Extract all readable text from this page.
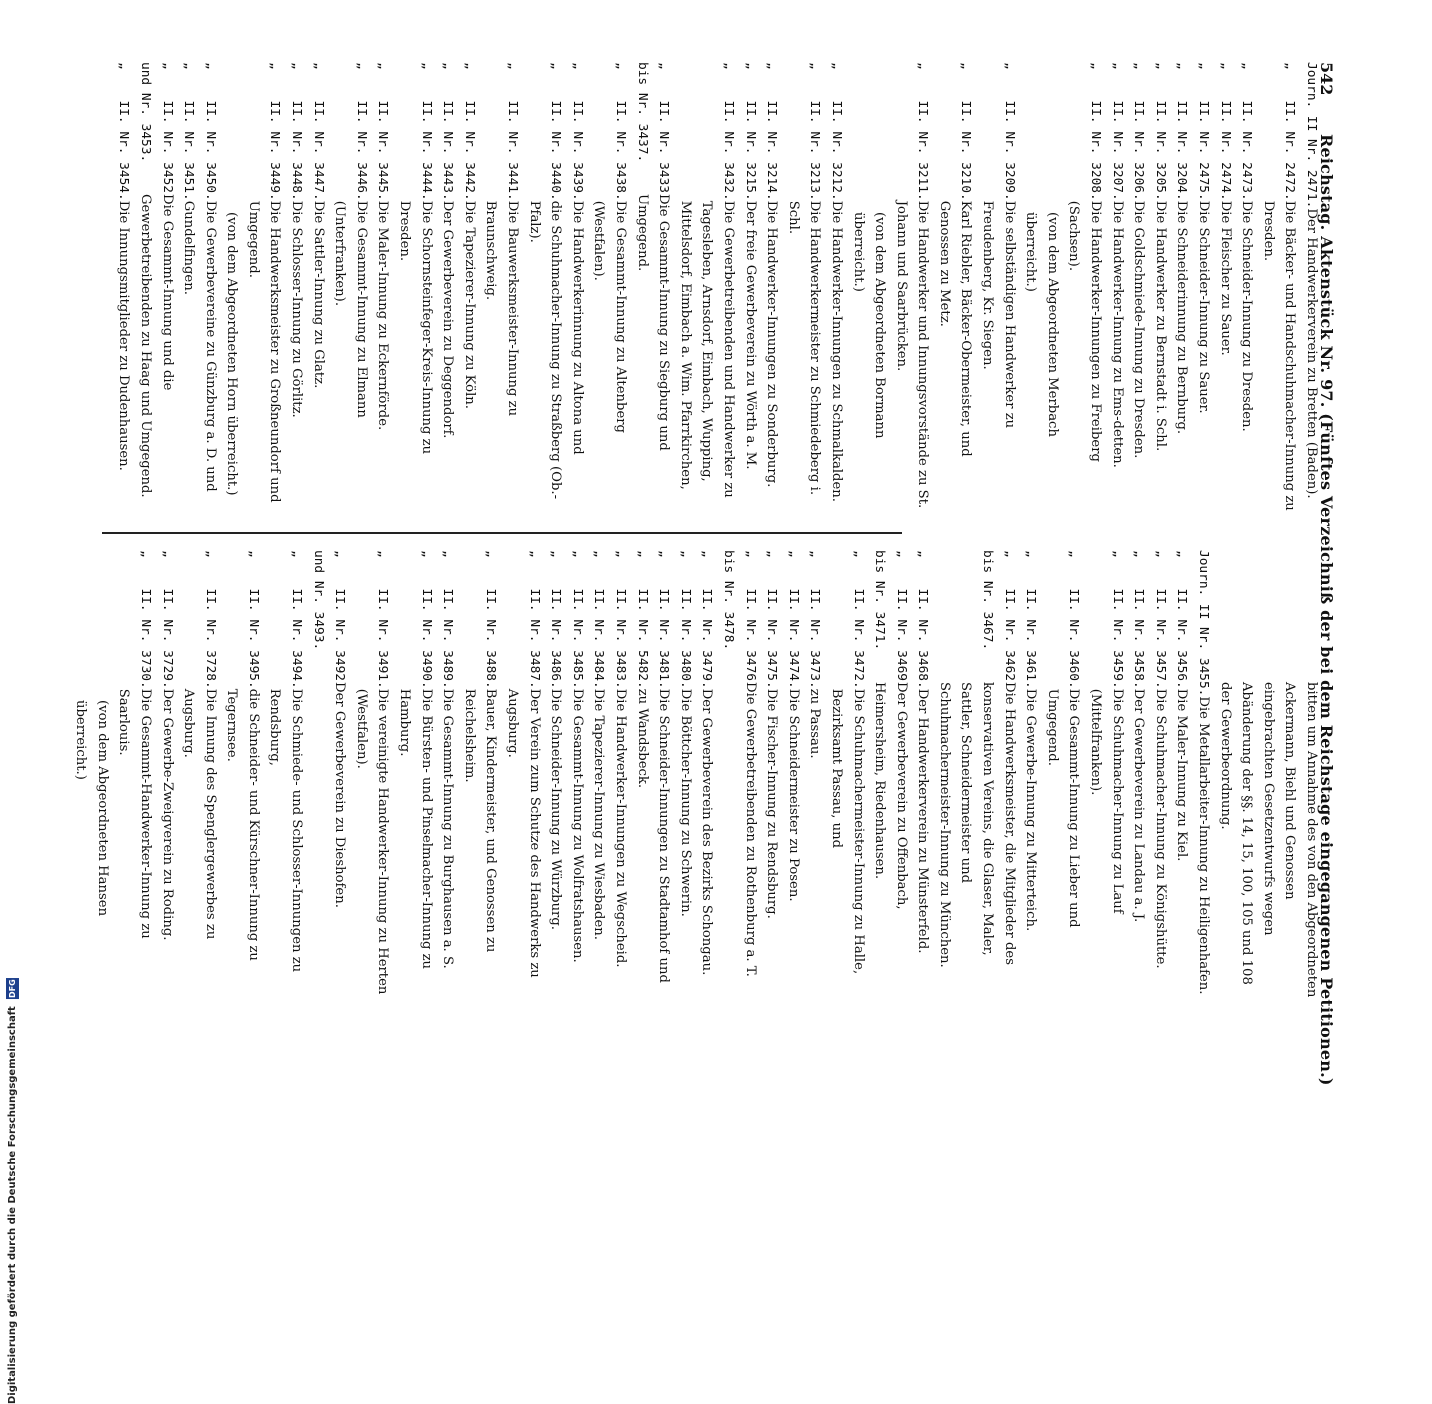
542
Reichstag. Aktenstück Nr. 97. (Fünftes Verzeichniß der bei dem Reichstage eingegangenen Petitionen.)
Journ. II Nr. 2471.
Der Handwerkerverein zu Bretten (Baden).
„    II. Nr. 2472.
Die Bäcker- und Handschuhmacher-Innung zu Dresden.
„    II. Nr. 2473.
Die Schneider-Innung zu Dresden.
„    II. Nr. 2474.
Die Fleischer zu Sauer.
„    II. Nr. 2475.
Die Schneider-Innung zu Sauer.
„    II. Nr. 3204.
Die Schneiderinnung zu Bernburg.
„    II. Nr. 3205.
Die Handwerker zu Bernstadt i. Schl.
„    II. Nr. 3206.
Die Goldschmiede-Innung zu Dresden.
„    II. Nr. 3207.
Die Handwerker-Innung zu Ems-detten.
„    II. Nr. 3208.
Die Handwerker-Innungen zu Freiberg (Sachsen).
(von dem Abgeordneten Merbach überreicht.)
„    II. Nr. 3209.
Die selbständigen Handwerker zu Freudenberg, Kr. Siegen.
„    II. Nr. 3210.
Karl Riebler, Bäcker-Obermeister, und Genossen zu Metz.
„    II. Nr. 3211.
Die Handwerker und Innungsvorstände zu St. Johann und Saarbrücken.
(von dem Abgeordneten Bormann überreicht.)
„    II. Nr. 3212.
Die Handwerker-Innungen zu Schmalkalden.
„    II. Nr. 3213.
Die Handwerkermeister zu Schmiedeberg i. Schl.
„    II. Nr. 3214.
Die Handwerker-Innungen zu Sonderburg.
„    II. Nr. 3215.
Der freie Gewerbeverein zu Wörth a. M.
„    II. Nr. 3432.
Die Gewerbetreibenden und Handwerker zu Tagesleben, Arnsdorf, Eimbach, Wupping, Mittelsdorf, Eimbach a. Wim. Pfarrkirchen,
„    II. Nr. 3433
bis Nr. 3437.
Die Gesammt-Innung zu Siegburg und Umgegend.
„    II. Nr. 3438.
Die Gesammt-Innung zu Altenberg (Westfalen).
„    II. Nr. 3439.
Die Handwerkerinnung zu Altona und
„    II. Nr. 3440.
die Schuhmacher-Innung zu Straßberg (Ob.-Pfalz).
„    II. Nr. 3441.
Die Bauwerksmeister-Innung zu Braunschweig.
„    II. Nr. 3442.
Die Tapezierer-Innung zu Köln.
„    II. Nr. 3443.
Der Gewerbeverein zu Deggendorf.
„    II. Nr. 3444.
Die Schornsteinfeger-Kreis-Innung zu Dresden.
„    II. Nr. 3445.
Die Maler-Innung zu Eckernförde.
„    II. Nr. 3446.
Die Gesammt-Innung zu Elmann (Unterfranken).
„    II. Nr. 3447.
Die Sattler-Innung zu Glatz.
„    II. Nr. 3448.
Die Schlosser-Innung zu Görlitz.
„    II. Nr. 3449.
Die Handwerksmeister zu Großneundorf und Umgegend.
(von dem Abgeordneten Horn überreicht.)
„    II. Nr. 3450.
Die Gewerbevereine zu Günzburg a. D. und
„    II. Nr. 3451.
Gundelfingen.
„    II. Nr. 3452
und Nr. 3453.
Die Gesammt-Innung und die Gewerbetreibenden zu Haag und Umgegend.
„    II. Nr. 3454.
Die Innungsmitglieder zu Dudenhausen.
bitten um Annahme des von den Abgeordneten Ackermann, Biehl und Genossen eingebrachten Gesetzentwurfs wegen Abänderung der §§. 14, 15, 100, 105 und 108 der Gewerbeordnung.
Journ. II Nr. 3455.
Die Metallarbeiter-Innung zu Heiligenhafen.
„    II. Nr. 3456.
Die Maler-Innung zu Kiel.
„    II. Nr. 3457.
Die Schuhmacher-Innung zu Königshütte.
„    II. Nr. 3458.
Der Gewerbeverein zu Landau a. J.
„    II. Nr. 3459.
Die Schuhmacher-Innung zu Lauf (Mittelfranken).
„    II. Nr. 3460.
Die Gesammt-Innung zu Lieber und Umgegend.
„    II. Nr. 3461.
Die Gewerbe-Innung zu Mitterteich.
„    II. Nr. 3462
bis Nr. 3467.
Die Handwerksmeister, die Mitglieder des konservativen Vereins, die Glaser, Maler, Sattler, Schneidermeister und Schuhmachermeister-Innung zu München.
„    II. Nr. 3468.
Der Handwerkerverein zu Münsterfeld.
„    II. Nr. 3469
bis Nr. 3471.
Der Gewerbeverein zu Offenbach, Heimersheim, Riedenhausen.
„    II. Nr. 3472.
Die Schuhmachermeister-Innung zu Halle, Bezirksamt Passau, und
„    II. Nr. 3473.
zu Passau.
„    II. Nr. 3474.
Die Schneidermeister zu Posen.
„    II. Nr. 3475.
Die Fischer-Innung zu Rendsburg.
„    II. Nr. 3476
bis Nr. 3478.
Die Gewerbetreibenden zu Rothenburg a. T.
„    II. Nr. 3479.
Der Gewerbeverein des Bezirks Schongau.
„    II. Nr. 3480.
Die Böttcher-Innung zu Schwerin.
„    II. Nr. 3481.
Die Schneider-Innungen zu Stadtamhof und
„    II. Nr. 5482.
zu Wandsbeck.
„    II. Nr. 3483.
Die Handwerker-Innungen zu Wegscheid.
„    II. Nr. 3484.
Die Tapezierer-Innung zu Wiesbaden.
„    II. Nr. 3485.
Die Gesammt-Innung zu Wolfratshausen.
„    II. Nr. 3486.
Die Schneider-Innung zu Würzburg.
„    II. Nr. 3487.
Der Verein zum Schutze des Handwerks zu Augsburg.
„    II. Nr. 3488.
Bauer, Kindermeister, und Genossen zu Reichelsheim.
„    II. Nr. 3489.
Die Gesammt-Innung zu Burghausen a. S.
„    II. Nr. 3490.
Die Bürsten- und Pinselmacher-Innung zu Hamburg.
„    II. Nr. 3491.
Die vereinigte Handwerker-Innung zu Herten (Westfalen).
„    II. Nr. 3492
und Nr. 3493.
Der Gewerbeverein zu Dieshofen.
„    II. Nr. 3494.
Die Schmiede- und Schlosser-Innungen zu Rendsburg,
„    II. Nr. 3495.
die Schneider- und Kürschner-Innung zu Tegernsee.
„    II. Nr. 3728.
Die Innung des Spenglergewerbes zu Augsburg.
„    II. Nr. 3729.
Der Gewerbe-Zweigverein zu Roding.
„    II. Nr. 3730.
Die Gesammt-Handwerker-Innung zu Saarlouis.
(von dem Abgeordneten Hansen überreicht.)
Digitalisierung gefördert durch die Deutsche Forschungsgemeinschaft DFG
